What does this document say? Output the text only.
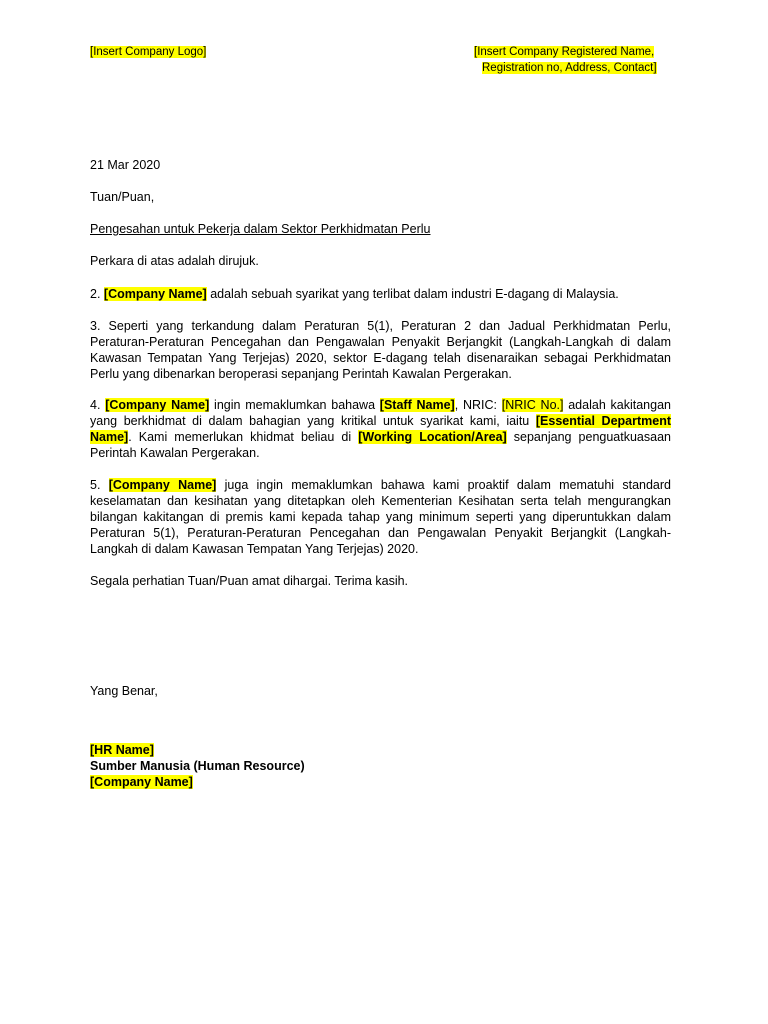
[Insert Company Logo]	[Insert Company Registered Name,
Registration no, Address, Contact]
21 Mar 2020
Tuan/Puan,
Pengesahan untuk Pekerja dalam Sektor Perkhidmatan Perlu
Perkara di atas adalah dirujuk.
2. [Company Name] adalah sebuah syarikat yang terlibat dalam industri E-dagang di Malaysia.
3. Seperti yang terkandung dalam Peraturan 5(1), Peraturan 2 dan Jadual Perkhidmatan Perlu, Peraturan-Peraturan Pencegahan dan Pengawalan Penyakit Berjangkit (Langkah-Langkah di dalam Kawasan Tempatan Yang Terjejas) 2020, sektor E-dagang telah disenaraikan sebagai Perkhidmatan Perlu yang dibenarkan beroperasi sepanjang Perintah Kawalan Pergerakan.
4. [Company Name] ingin memaklumkan bahawa [Staff Name], NRIC: [NRIC No.] adalah kakitangan yang berkhidmat di dalam bahagian yang kritikal untuk syarikat kami, iaitu [Essential Department Name]. Kami memerlukan khidmat beliau di [Working Location/Area] sepanjang penguatkuasaan Perintah Kawalan Pergerakan.
5. [Company Name] juga ingin memaklumkan bahawa kami proaktif dalam mematuhi standard keselamatan dan kesihatan yang ditetapkan oleh Kementerian Kesihatan serta telah mengurangkan bilangan kakitangan di premis kami kepada tahap yang minimum seperti yang diperuntukkan dalam Peraturan 5(1), Peraturan-Peraturan Pencegahan dan Pengawalan Penyakit Berjangkit (Langkah-Langkah di dalam Kawasan Tempatan Yang Terjejas) 2020.
Segala perhatian Tuan/Puan amat dihargai. Terima kasih.
Yang Benar,
[HR Name]
Sumber Manusia (Human Resource)
[Company Name]
